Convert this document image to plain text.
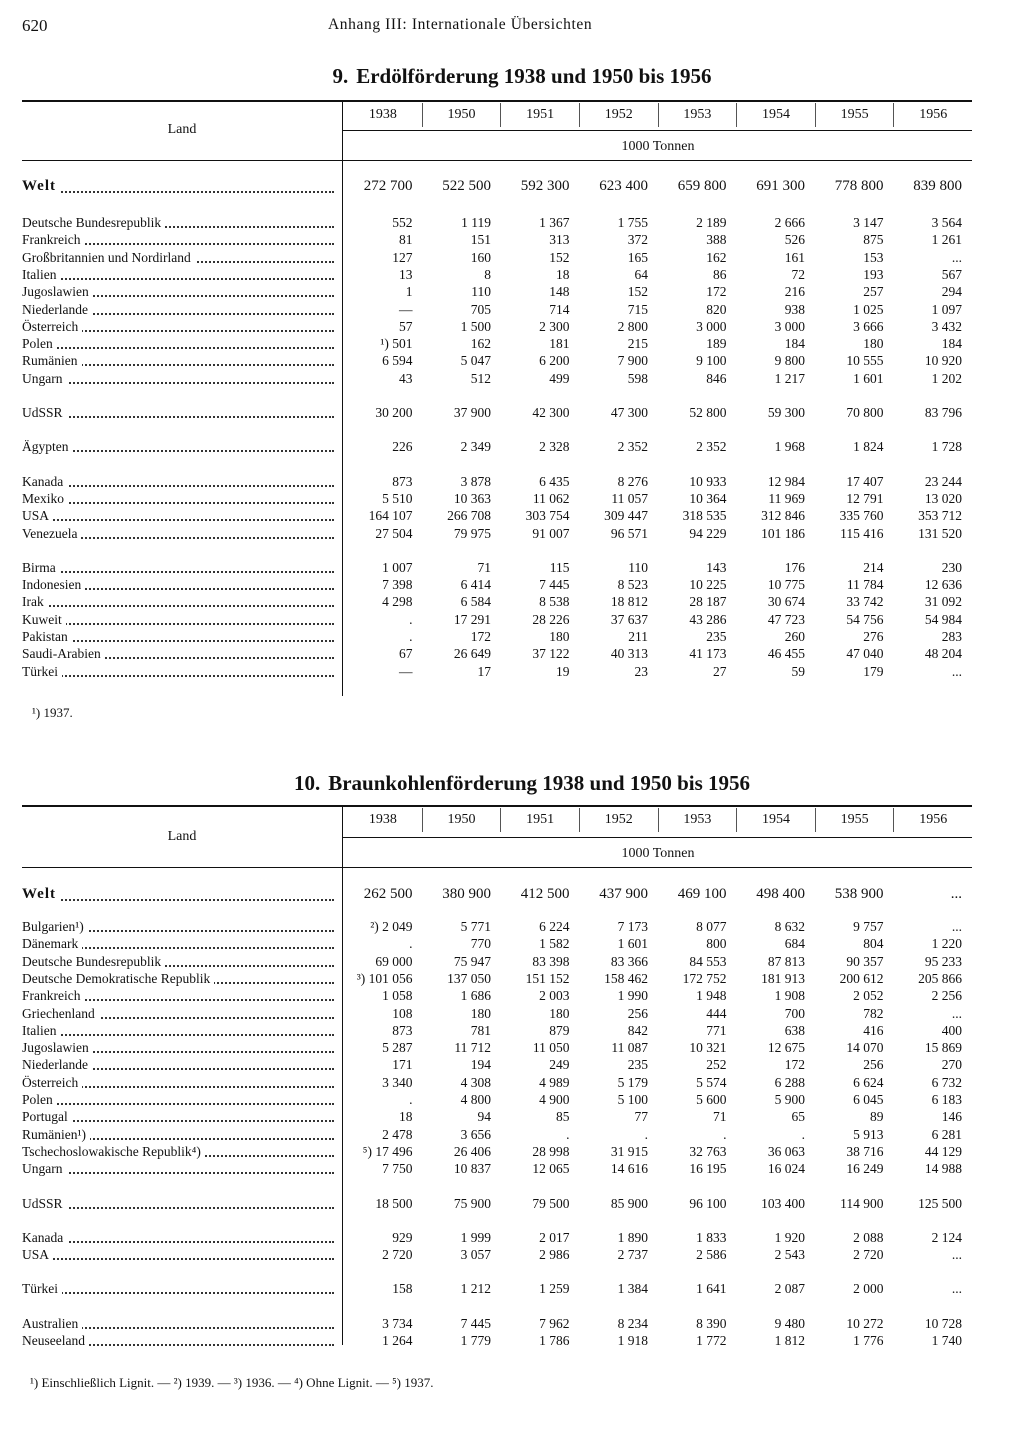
620	Anhang III: Internationale Übersichten
9. Erdölförderung 1938 und 1950 bis 1956
Land
1938	1950	1951	1952	1953	1954	1955	1956
1000 Tonnen
Welt	272 700	522 500	592 300	623 400	659 800	691 300	778 800	839 800
Deutsche Bundesrepublik	552	1 119	1 367	1 755	2 189	2 666	3 147	3 564
Frankreich	81	151	313	372	388	526	875	1 261
Großbritannien und Nordirland	127	160	152	165	162	161	153	...
Italien	13	8	18	64	86	72	193	567
Jugoslawien	1	110	148	152	172	216	257	294
Niederlande	—	705	714	715	820	938	1 025	1 097
Österreich	57	1 500	2 300	2 800	3 000	3 000	3 666	3 432
Polen	¹) 501	162	181	215	189	184	180	184
Rumänien	6 594	5 047	6 200	7 900	9 100	9 800	10 555	10 920
Ungarn	43	512	499	598	846	1 217	1 601	1 202
UdSSR	30 200	37 900	42 300	47 300	52 800	59 300	70 800	83 796
Ägypten	226	2 349	2 328	2 352	2 352	1 968	1 824	1 728
Kanada	873	3 878	6 435	8 276	10 933	12 984	17 407	23 244
Mexiko	5 510	10 363	11 062	11 057	10 364	11 969	12 791	13 020
USA	164 107	266 708	303 754	309 447	318 535	312 846	335 760	353 712
Venezuela	27 504	79 975	91 007	96 571	94 229	101 186	115 416	131 520
Birma	1 007	71	115	110	143	176	214	230
Indonesien	7 398	6 414	7 445	8 523	10 225	10 775	11 784	12 636
Irak	4 298	6 584	8 538	18 812	28 187	30 674	33 742	31 092
Kuweit	.	17 291	28 226	37 637	43 286	47 723	54 756	54 984
Pakistan	.	172	180	211	235	260	276	283
Saudi-Arabien	67	26 649	37 122	40 313	41 173	46 455	47 040	48 204
Türkei	—	17	19	23	27	59	179	...
¹) 1937.
10. Braunkohlenförderung 1938 und 1950 bis 1956
Land
1938	1950	1951	1952	1953	1954	1955	1956
1000 Tonnen
Welt	262 500	380 900	412 500	437 900	469 100	498 400	538 900	...
Bulgarien¹)	²) 2 049	5 771	6 224	7 173	8 077	8 632	9 757	...
Dänemark	.	770	1 582	1 601	800	684	804	1 220
Deutsche Bundesrepublik	69 000	75 947	83 398	83 366	84 553	87 813	90 357	95 233
Deutsche Demokratische Republik	³) 101 056	137 050	151 152	158 462	172 752	181 913	200 612	205 866
Frankreich	1 058	1 686	2 003	1 990	1 948	1 908	2 052	2 256
Griechenland	108	180	180	256	444	700	782	...
Italien	873	781	879	842	771	638	416	400
Jugoslawien	5 287	11 712	11 050	11 087	10 321	12 675	14 070	15 869
Niederlande	171	194	249	235	252	172	256	270
Österreich	3 340	4 308	4 989	5 179	5 574	6 288	6 624	6 732
Polen	.	4 800	4 900	5 100	5 600	5 900	6 045	6 183
Portugal	18	94	85	77	71	65	89	146
Rumänien¹)	2 478	3 656	.	.	.	.	5 913	6 281
Tschechoslowakische Republik⁴)	⁵) 17 496	26 406	28 998	31 915	32 763	36 063	38 716	44 129
Ungarn	7 750	10 837	12 065	14 616	16 195	16 024	16 249	14 988
UdSSR	18 500	75 900	79 500	85 900	96 100	103 400	114 900	125 500
Kanada	929	1 999	2 017	1 890	1 833	1 920	2 088	2 124
USA	2 720	3 057	2 986	2 737	2 586	2 543	2 720	...
Türkei	158	1 212	1 259	1 384	1 641	2 087	2 000	...
Australien	3 734	7 445	7 962	8 234	8 390	9 480	10 272	10 728
Neuseeland	1 264	1 779	1 786	1 918	1 772	1 812	1 776	1 740
¹) Einschließlich Lignit. — ²) 1939. — ³) 1936. — ⁴) Ohne Lignit. — ⁵) 1937.
